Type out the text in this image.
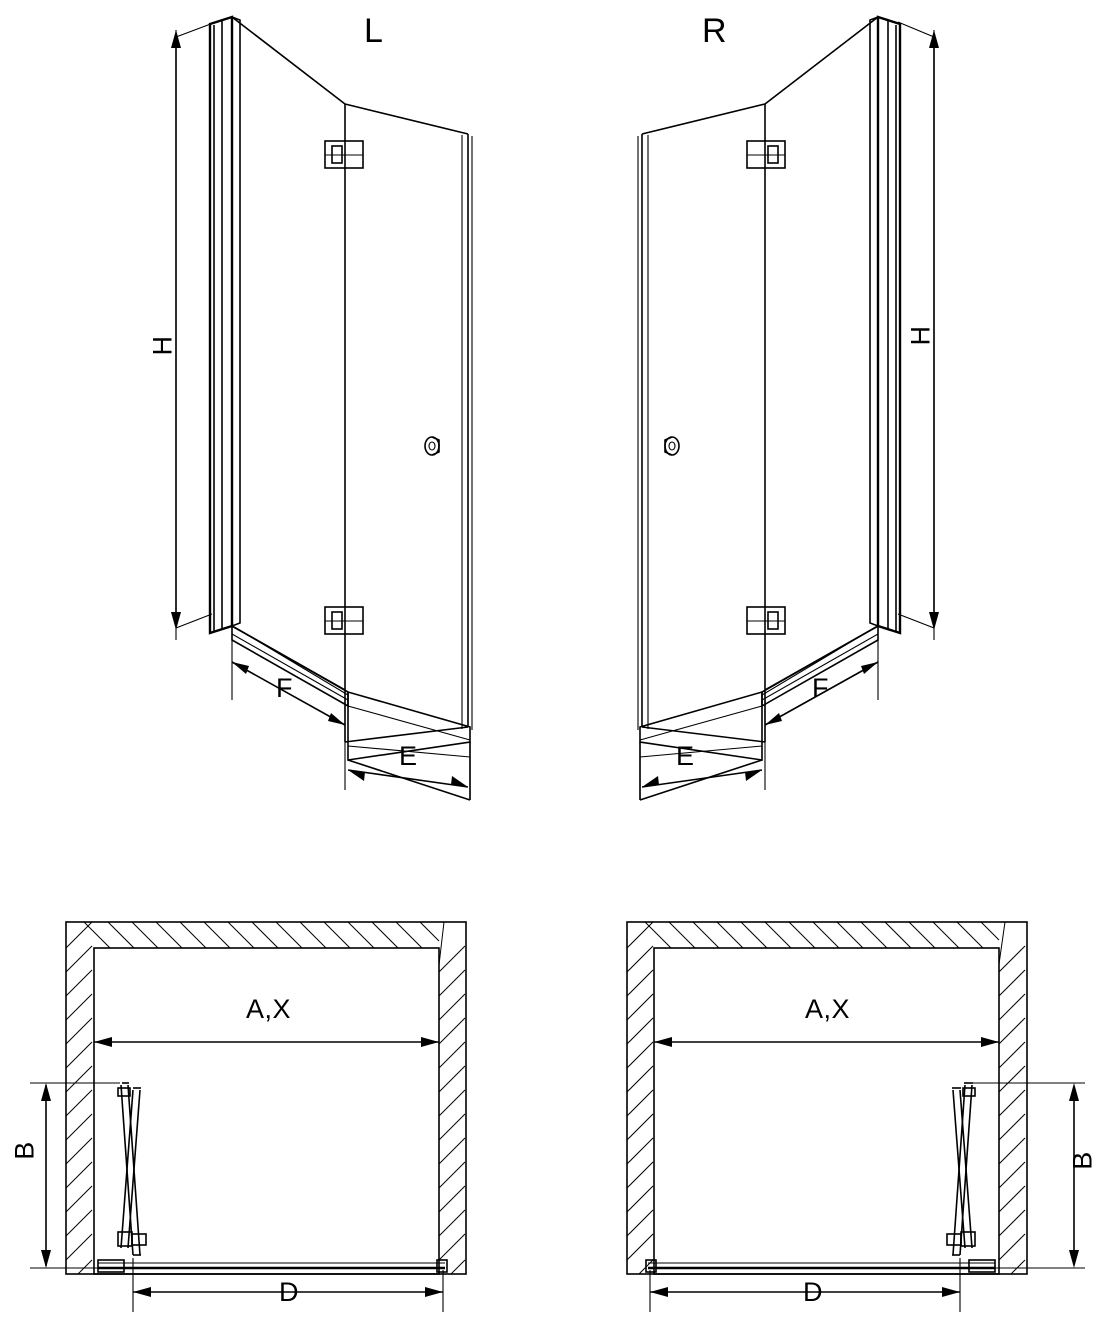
L	R
H	H
F
E
F
E
A,X
B
D
A,X
B
D
